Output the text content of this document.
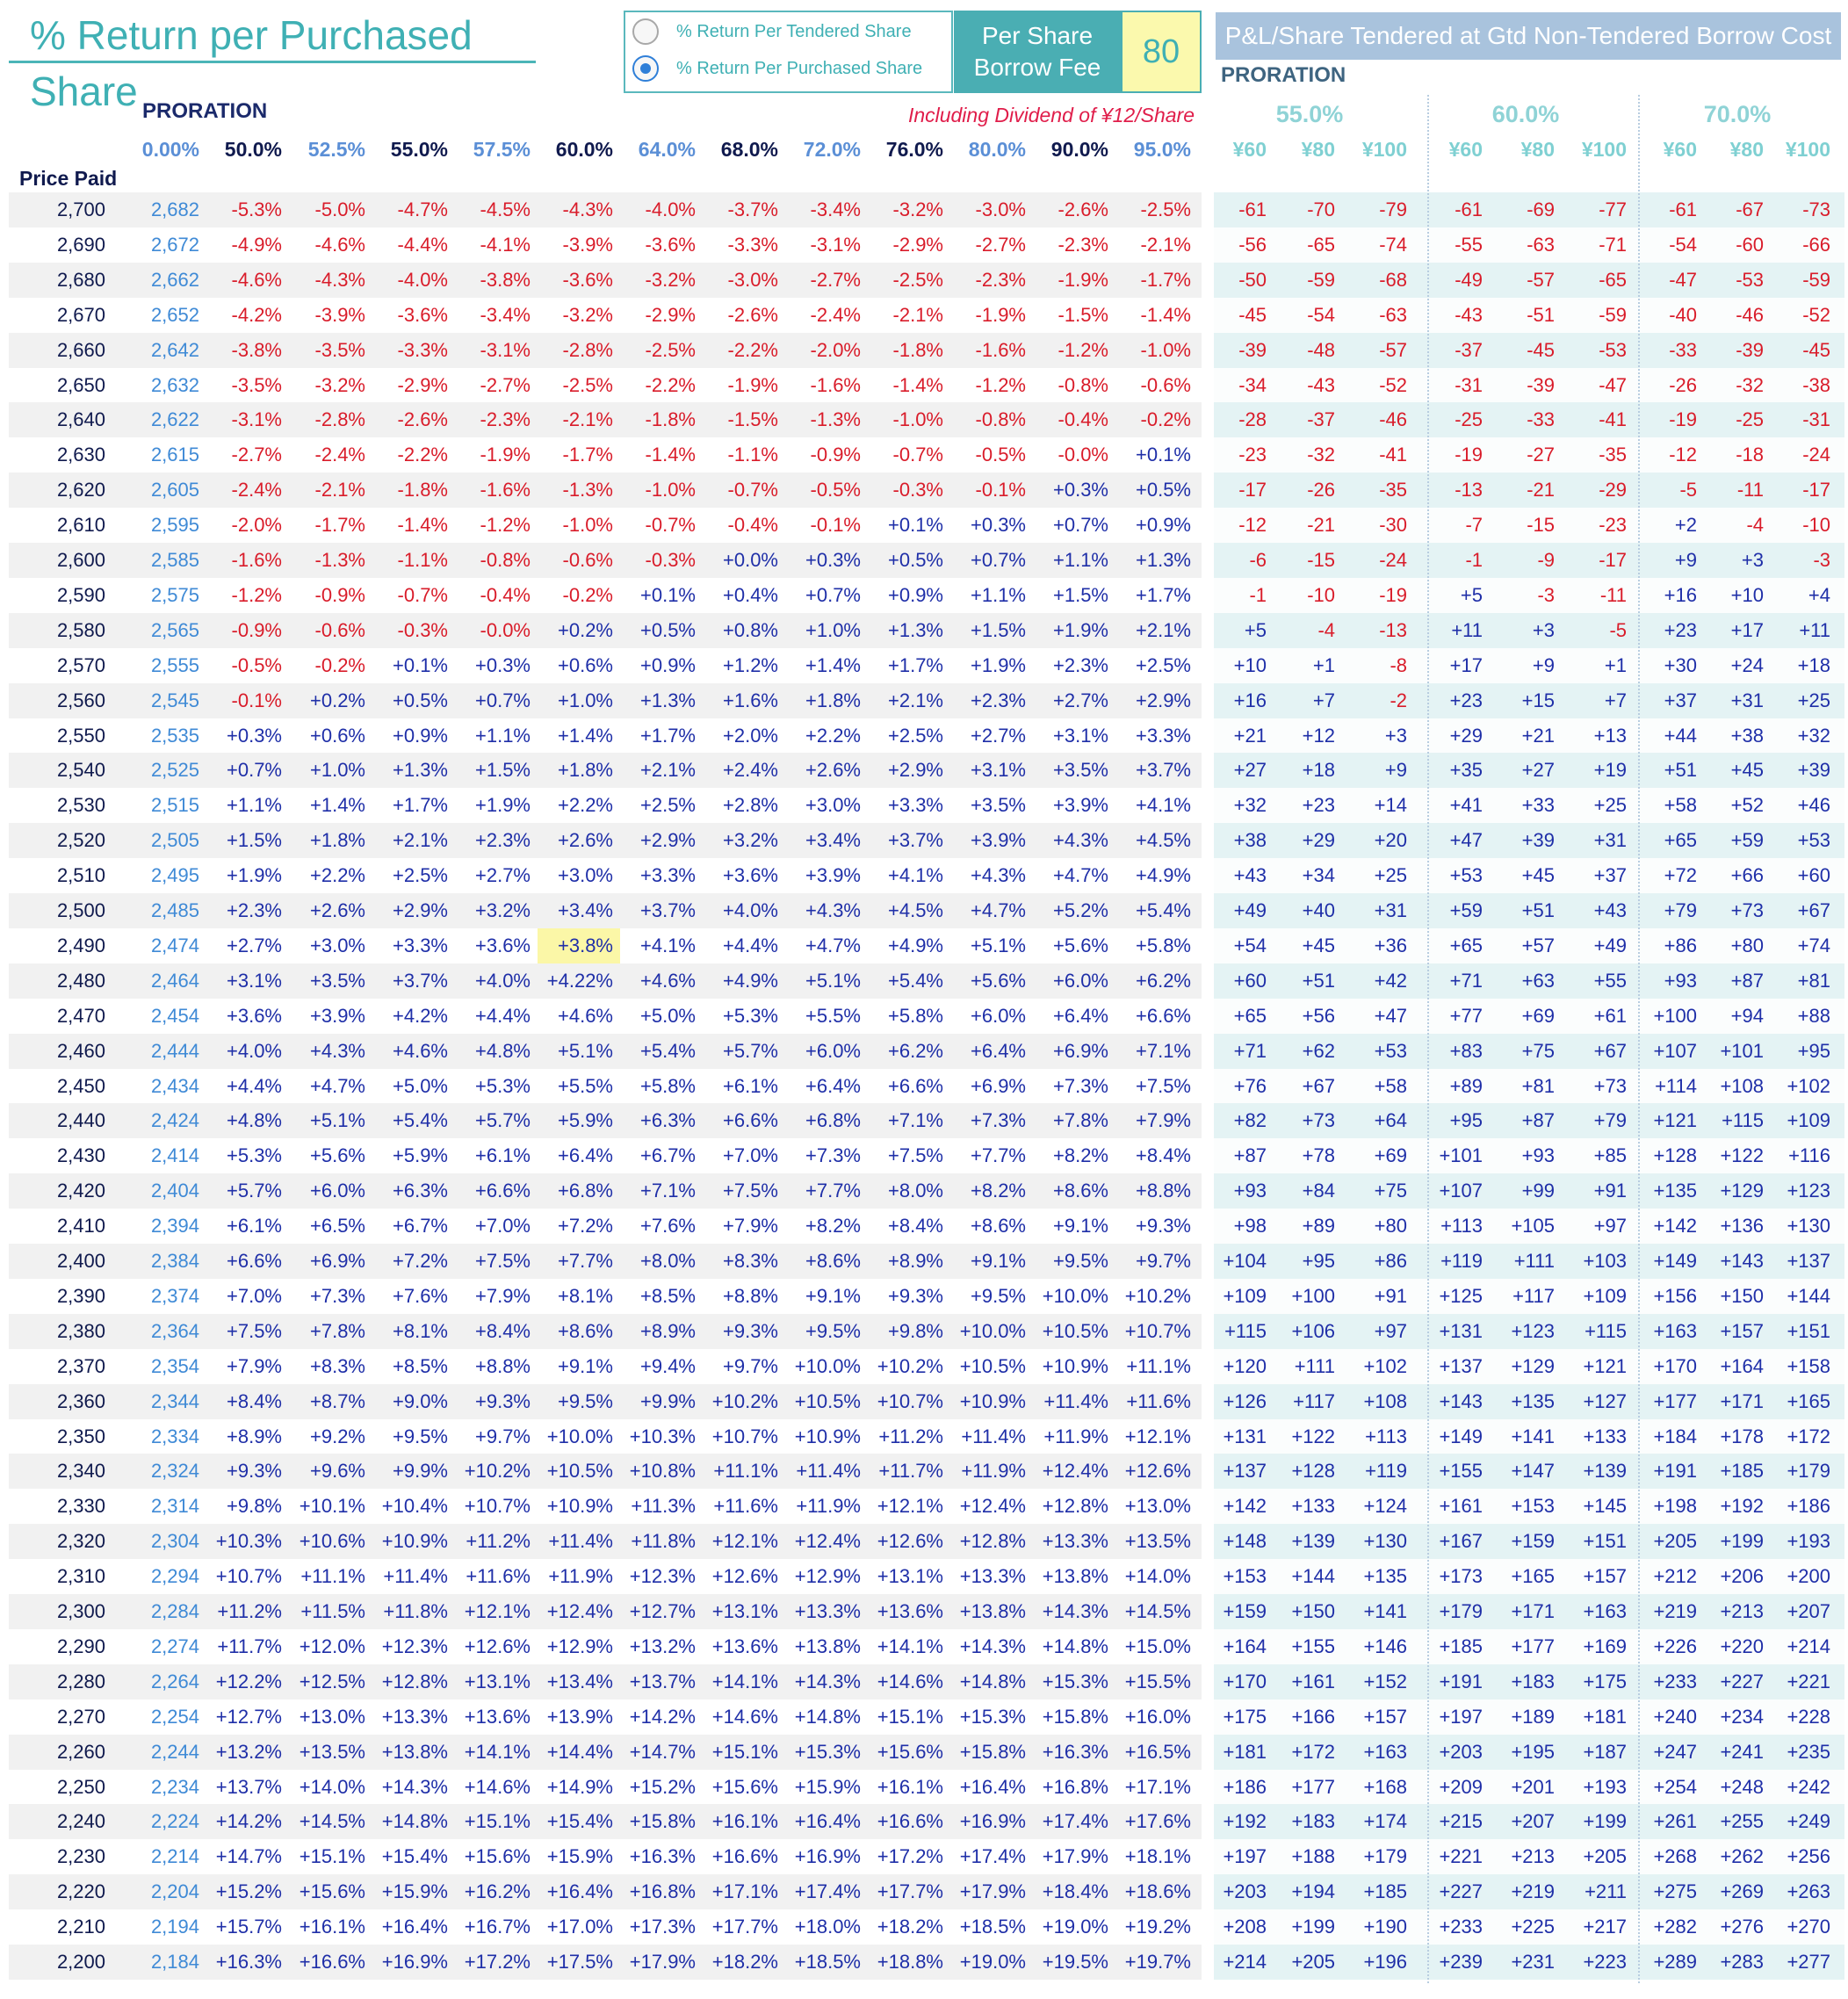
% Return per Purchased Share
% Return Per Tendered Share
% Return Per Purchased Share
Per Share
Borrow Fee	80	P&L/Share Tendered at Gtd Non-Tendered Borrow Cost
PRORATION
PRORATION	Including Dividend of ¥12/Share
Price Paid
0.00%	50.0%	52.5%	55.0%	57.5%	60.0%	64.0%	68.0%	72.0%	76.0%	80.0%	90.0%	95.0%
55.0%	60.0%	70.0%
¥60	¥80	¥100	¥60	¥80	¥100	¥60	¥80	¥100
2,700	2,682	-5.3%	-5.0%	-4.7%	-4.5%	-4.3%	-4.0%	-3.7%	-3.4%	-3.2%	-3.0%	-2.6%	-2.5%	-61	-70	-79	-61	-69	-77	-61	-67	-73
2,690	2,672	-4.9%	-4.6%	-4.4%	-4.1%	-3.9%	-3.6%	-3.3%	-3.1%	-2.9%	-2.7%	-2.3%	-2.1%	-56	-65	-74	-55	-63	-71	-54	-60	-66
2,680	2,662	-4.6%	-4.3%	-4.0%	-3.8%	-3.6%	-3.2%	-3.0%	-2.7%	-2.5%	-2.3%	-1.9%	-1.7%	-50	-59	-68	-49	-57	-65	-47	-53	-59
2,670	2,652	-4.2%	-3.9%	-3.6%	-3.4%	-3.2%	-2.9%	-2.6%	-2.4%	-2.1%	-1.9%	-1.5%	-1.4%	-45	-54	-63	-43	-51	-59	-40	-46	-52
2,660	2,642	-3.8%	-3.5%	-3.3%	-3.1%	-2.8%	-2.5%	-2.2%	-2.0%	-1.8%	-1.6%	-1.2%	-1.0%	-39	-48	-57	-37	-45	-53	-33	-39	-45
2,650	2,632	-3.5%	-3.2%	-2.9%	-2.7%	-2.5%	-2.2%	-1.9%	-1.6%	-1.4%	-1.2%	-0.8%	-0.6%	-34	-43	-52	-31	-39	-47	-26	-32	-38
2,640	2,622	-3.1%	-2.8%	-2.6%	-2.3%	-2.1%	-1.8%	-1.5%	-1.3%	-1.0%	-0.8%	-0.4%	-0.2%	-28	-37	-46	-25	-33	-41	-19	-25	-31
2,630	2,615	-2.7%	-2.4%	-2.2%	-1.9%	-1.7%	-1.4%	-1.1%	-0.9%	-0.7%	-0.5%	-0.0%	+0.1%	-23	-32	-41	-19	-27	-35	-12	-18	-24
2,620	2,605	-2.4%	-2.1%	-1.8%	-1.6%	-1.3%	-1.0%	-0.7%	-0.5%	-0.3%	-0.1%	+0.3%	+0.5%	-17	-26	-35	-13	-21	-29	-5	-11	-17
2,610	2,595	-2.0%	-1.7%	-1.4%	-1.2%	-1.0%	-0.7%	-0.4%	-0.1%	+0.1%	+0.3%	+0.7%	+0.9%	-12	-21	-30	-7	-15	-23	+2	-4	-10
2,600	2,585	-1.6%	-1.3%	-1.1%	-0.8%	-0.6%	-0.3%	+0.0%	+0.3%	+0.5%	+0.7%	+1.1%	+1.3%	-6	-15	-24	-1	-9	-17	+9	+3	-3
2,590	2,575	-1.2%	-0.9%	-0.7%	-0.4%	-0.2%	+0.1%	+0.4%	+0.7%	+0.9%	+1.1%	+1.5%	+1.7%	-1	-10	-19	+5	-3	-11	+16	+10	+4
2,580	2,565	-0.9%	-0.6%	-0.3%	-0.0%	+0.2%	+0.5%	+0.8%	+1.0%	+1.3%	+1.5%	+1.9%	+2.1%	+5	-4	-13	+11	+3	-5	+23	+17	+11
2,570	2,555	-0.5%	-0.2%	+0.1%	+0.3%	+0.6%	+0.9%	+1.2%	+1.4%	+1.7%	+1.9%	+2.3%	+2.5%	+10	+1	-8	+17	+9	+1	+30	+24	+18
2,560	2,545	-0.1%	+0.2%	+0.5%	+0.7%	+1.0%	+1.3%	+1.6%	+1.8%	+2.1%	+2.3%	+2.7%	+2.9%	+16	+7	-2	+23	+15	+7	+37	+31	+25
2,550	2,535	+0.3%	+0.6%	+0.9%	+1.1%	+1.4%	+1.7%	+2.0%	+2.2%	+2.5%	+2.7%	+3.1%	+3.3%	+21	+12	+3	+29	+21	+13	+44	+38	+32
2,540	2,525	+0.7%	+1.0%	+1.3%	+1.5%	+1.8%	+2.1%	+2.4%	+2.6%	+2.9%	+3.1%	+3.5%	+3.7%	+27	+18	+9	+35	+27	+19	+51	+45	+39
2,530	2,515	+1.1%	+1.4%	+1.7%	+1.9%	+2.2%	+2.5%	+2.8%	+3.0%	+3.3%	+3.5%	+3.9%	+4.1%	+32	+23	+14	+41	+33	+25	+58	+52	+46
2,520	2,505	+1.5%	+1.8%	+2.1%	+2.3%	+2.6%	+2.9%	+3.2%	+3.4%	+3.7%	+3.9%	+4.3%	+4.5%	+38	+29	+20	+47	+39	+31	+65	+59	+53
2,510	2,495	+1.9%	+2.2%	+2.5%	+2.7%	+3.0%	+3.3%	+3.6%	+3.9%	+4.1%	+4.3%	+4.7%	+4.9%	+43	+34	+25	+53	+45	+37	+72	+66	+60
2,500	2,485	+2.3%	+2.6%	+2.9%	+3.2%	+3.4%	+3.7%	+4.0%	+4.3%	+4.5%	+4.7%	+5.2%	+5.4%	+49	+40	+31	+59	+51	+43	+79	+73	+67
2,490	2,474	+2.7%	+3.0%	+3.3%	+3.6%	+3.8%	+4.1%	+4.4%	+4.7%	+4.9%	+5.1%	+5.6%	+5.8%	+54	+45	+36	+65	+57	+49	+86	+80	+74
2,480	2,464	+3.1%	+3.5%	+3.7%	+4.0% +4.22%	+4.6%	+4.9%	+5.1%	+5.4%	+5.6%	+6.0%	+6.2%	+60	+51	+42	+71	+63	+55	+93	+87	+81
2,470	2,454	+3.6%	+3.9%	+4.2%	+4.4%	+4.6%	+5.0%	+5.3%	+5.5%	+5.8%	+6.0%	+6.4%	+6.6%	+65	+56	+47	+77	+69	+61	+100	+94	+88
2,460	2,444	+4.0%	+4.3%	+4.6%	+4.8%	+5.1%	+5.4%	+5.7%	+6.0%	+6.2%	+6.4%	+6.9%	+7.1%	+71	+62	+53	+83	+75	+67	+107	+101	+95
2,450	2,434	+4.4%	+4.7%	+5.0%	+5.3%	+5.5%	+5.8%	+6.1%	+6.4%	+6.6%	+6.9%	+7.3%	+7.5%	+76	+67	+58	+89	+81	+73	+114	+108	+102
2,440	2,424	+4.8%	+5.1%	+5.4%	+5.7%	+5.9%	+6.3%	+6.6%	+6.8%	+7.1%	+7.3%	+7.8%	+7.9%	+82	+73	+64	+95	+87	+79	+121	+115	+109
2,430	2,414	+5.3%	+5.6%	+5.9%	+6.1%	+6.4%	+6.7%	+7.0%	+7.3%	+7.5%	+7.7%	+8.2%	+8.4%	+87	+78	+69	+101	+93	+85	+128	+122	+116
2,420	2,404	+5.7%	+6.0%	+6.3%	+6.6%	+6.8%	+7.1%	+7.5%	+7.7%	+8.0%	+8.2%	+8.6%	+8.8%	+93	+84	+75	+107	+99	+91	+135	+129	+123
2,410	2,394	+6.1%	+6.5%	+6.7%	+7.0%	+7.2%	+7.6%	+7.9%	+8.2%	+8.4%	+8.6%	+9.1%	+9.3%	+98	+89	+80	+113	+105	+97	+142	+136	+130
2,400	2,384	+6.6%	+6.9%	+7.2%	+7.5%	+7.7%	+8.0%	+8.3%	+8.6%	+8.9%	+9.1%	+9.5%	+9.7%	+104	+95	+86	+119	+111	+103	+149	+143	+137
2,390	2,374	+7.0%	+7.3%	+7.6%	+7.9%	+8.1%	+8.5%	+8.8%	+9.1%	+9.3%	+9.5% +10.0% +10.2%	+109	+100	+91	+125	+117	+109	+156	+150	+144
2,380	2,364	+7.5%	+7.8%	+8.1%	+8.4%	+8.6%	+8.9%	+9.3%	+9.5%	+9.8% +10.0% +10.5% +10.7%	+115	+106	+97	+131	+123	+115	+163	+157	+151
2,370	2,354	+7.9%	+8.3%	+8.5%	+8.8%	+9.1%	+9.4%	+9.7% +10.0% +10.2% +10.5% +10.9% +11.1%	+120	+111	+102	+137	+129	+121	+170	+164	+158
2,360	2,344	+8.4%	+8.7%	+9.0%	+9.3%	+9.5%	+9.9% +10.2% +10.5% +10.7% +10.9% +11.4% +11.6%	+126	+117	+108	+143	+135	+127	+177	+171	+165
2,350	2,334	+8.9%	+9.2%	+9.5%	+9.7% +10.0% +10.3% +10.7% +10.9% +11.2% +11.4% +11.9% +12.1%	+131	+122	+113	+149	+141	+133	+184	+178	+172
2,340	2,324	+9.3%	+9.6%	+9.9% +10.2% +10.5% +10.8% +11.1% +11.4% +11.7% +11.9% +12.4% +12.6%	+137	+128	+119	+155	+147	+139	+191	+185	+179
2,330	2,314	+9.8% +10.1% +10.4% +10.7% +10.9% +11.3% +11.6% +11.9% +12.1% +12.4% +12.8% +13.0%	+142	+133	+124	+161	+153	+145	+198	+192	+186
2,320	2,304 +10.3% +10.6% +10.9% +11.2% +11.4% +11.8% +12.1% +12.4% +12.6% +12.8% +13.3% +13.5%	+148	+139	+130	+167	+159	+151	+205	+199	+193
2,310	2,294 +10.7% +11.1% +11.4% +11.6% +11.9% +12.3% +12.6% +12.9% +13.1% +13.3% +13.8% +14.0%	+153	+144	+135	+173	+165	+157	+212	+206	+200
2,300	2,284 +11.2% +11.5% +11.8% +12.1% +12.4% +12.7% +13.1% +13.3% +13.6% +13.8% +14.3% +14.5%	+159	+150	+141	+179	+171	+163	+219	+213	+207
2,290	2,274 +11.7% +12.0% +12.3% +12.6% +12.9% +13.2% +13.6% +13.8% +14.1% +14.3% +14.8% +15.0%	+164	+155	+146	+185	+177	+169	+226	+220	+214
2,280	2,264 +12.2% +12.5% +12.8% +13.1% +13.4% +13.7% +14.1% +14.3% +14.6% +14.8% +15.3% +15.5%	+170	+161	+152	+191	+183	+175	+233	+227	+221
2,270	2,254 +12.7% +13.0% +13.3% +13.6% +13.9% +14.2% +14.6% +14.8% +15.1% +15.3% +15.8% +16.0%	+175	+166	+157	+197	+189	+181	+240	+234	+228
2,260	2,244 +13.2% +13.5% +13.8% +14.1% +14.4% +14.7% +15.1% +15.3% +15.6% +15.8% +16.3% +16.5%	+181	+172	+163	+203	+195	+187	+247	+241	+235
2,250	2,234 +13.7% +14.0% +14.3% +14.6% +14.9% +15.2% +15.6% +15.9% +16.1% +16.4% +16.8% +17.1%	+186	+177	+168	+209	+201	+193	+254	+248	+242
2,240	2,224 +14.2% +14.5% +14.8% +15.1% +15.4% +15.8% +16.1% +16.4% +16.6% +16.9% +17.4% +17.6%	+192	+183	+174	+215	+207	+199	+261	+255	+249
2,230	2,214 +14.7% +15.1% +15.4% +15.6% +15.9% +16.3% +16.6% +16.9% +17.2% +17.4% +17.9% +18.1%	+197	+188	+179	+221	+213	+205	+268	+262	+256
2,220	2,204 +15.2% +15.6% +15.9% +16.2% +16.4% +16.8% +17.1% +17.4% +17.7% +17.9% +18.4% +18.6%	+203	+194	+185	+227	+219	+211	+275	+269	+263
2,210	2,194 +15.7% +16.1% +16.4% +16.7% +17.0% +17.3% +17.7% +18.0% +18.2% +18.5% +19.0% +19.2%	+208	+199	+190	+233	+225	+217	+282	+276	+270
2,200	2,184 +16.3% +16.6% +16.9% +17.2% +17.5% +17.9% +18.2% +18.5% +18.8% +19.0% +19.5% +19.7%	+214	+205	+196	+239	+231	+223	+289	+283	+277
